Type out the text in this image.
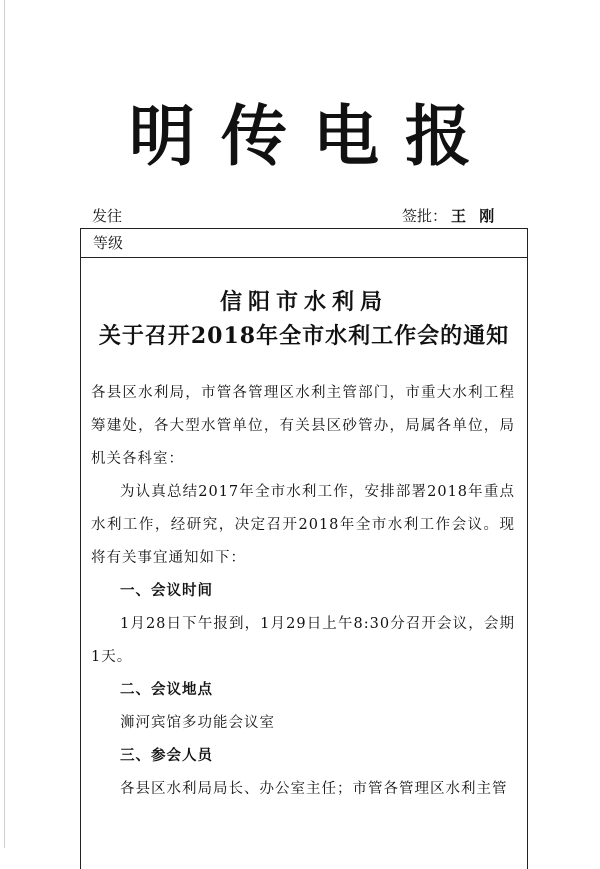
明传电报
发往	签批： 王 刚
等级
信阳市水利局
关于召开2018年全市水利工作会的通知

各县区水利局，市管各管理区水利主管部门，市重大水利工程筹建处，各大型水管单位，有关县区砂管办，局属各单位，局机关各科室：

为认真总结2017年全市水利工作，安排部署2018年重点水利工作，经研究，决定召开2018年全市水利工作会议。现将有关事宜通知如下：

一、会议时间

1月28日下午报到，1月29日上午8:30分召开会议，会期1天。

二、会议地点

浉河宾馆多功能会议室

三、参会人员

各县区水利局局长、办公室主任；市管各管理区水利主管
